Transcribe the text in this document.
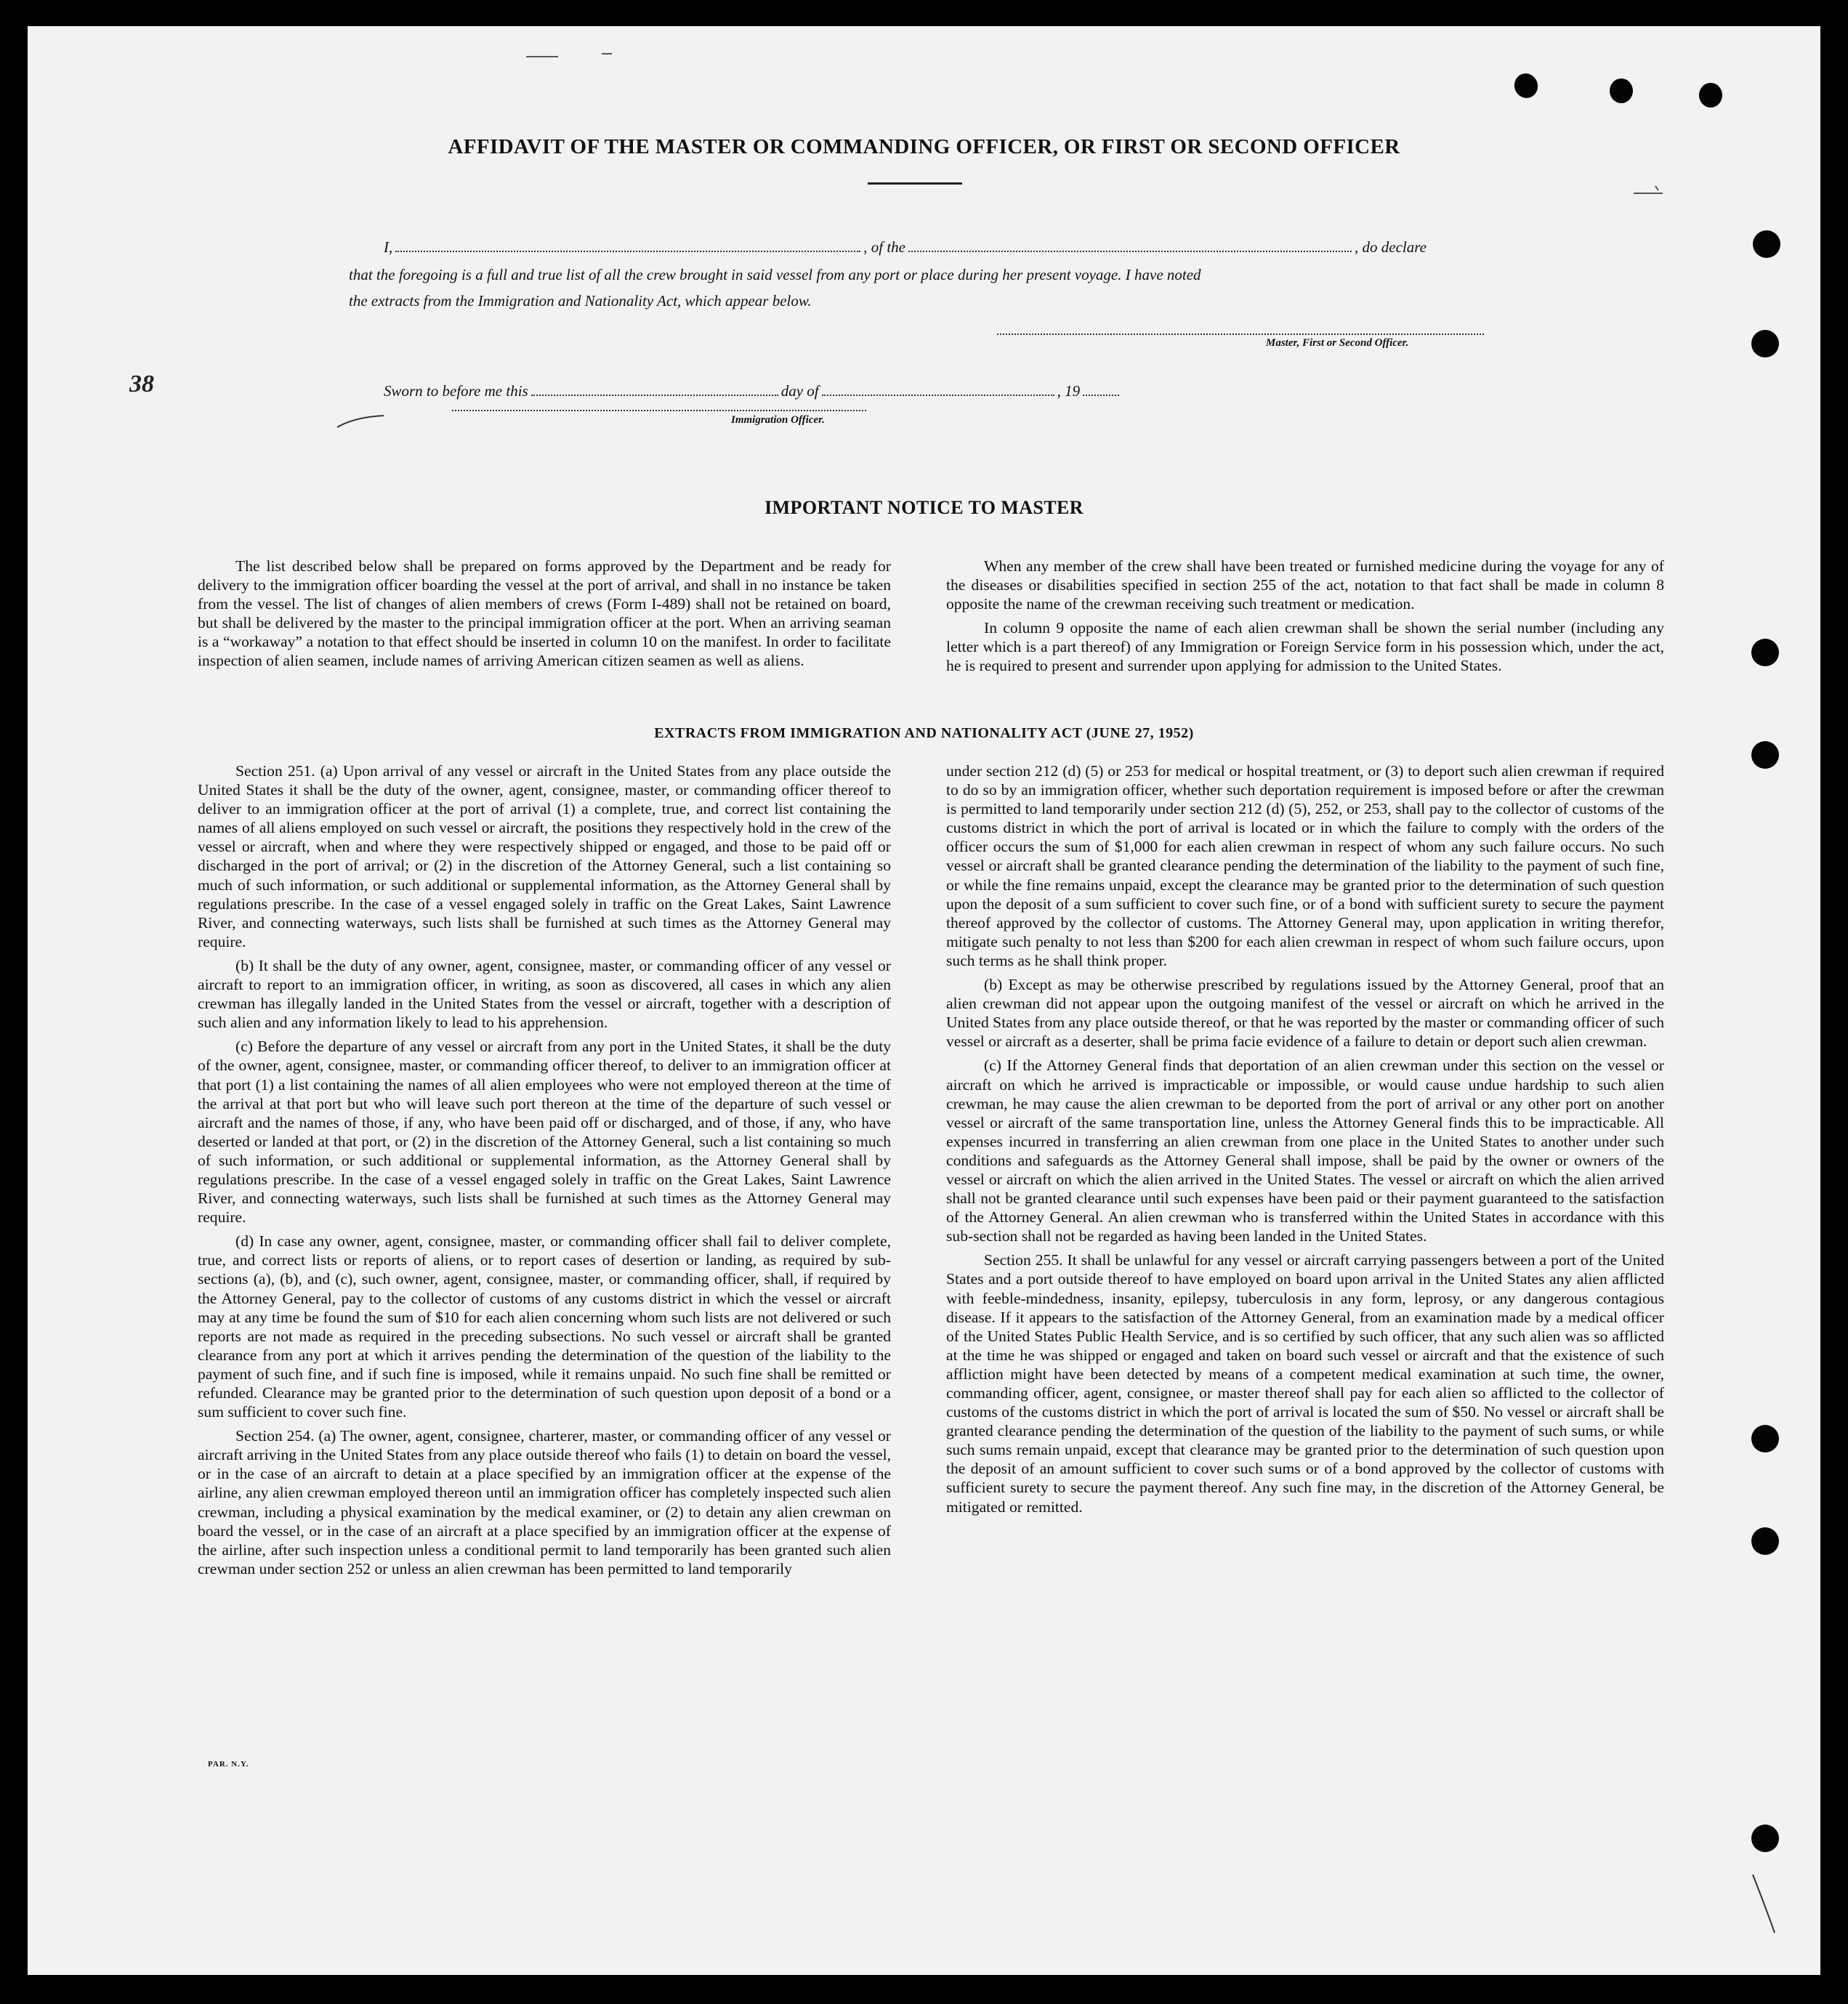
38
AFFIDAVIT OF THE MASTER OR COMMANDING OFFICER, OR FIRST OR SECOND OFFICER
I,	, of the	, do declare
that the foregoing is a full and true list of all the crew brought in said vessel from any port or place during her present voyage. I have noted
the extracts from the Immigration and Nationality Act, which appear below.
Master, First or Second Officer.
Sworn to before me this	day of	, 19
Immigration Officer.
IMPORTANT NOTICE TO MASTER

The list described below shall be prepared on forms approved by the Department and be ready for delivery to the immigration officer boarding the vessel at the port of arrival, and shall in no instance be taken from the vessel. The list of changes of alien members of crews (Form I-489) shall not be retained on board, but shall be delivered by the master to the principal immigration officer at the port. When an arriving seaman is a “workaway” a notation to that effect should be inserted in column 10 on the manifest. In order to facilitate inspection of alien seamen, include names of arriving American citizen seamen as well as aliens.

When any member of the crew shall have been treated or furnished medicine during the voyage for any of the diseases or disabilities specified in section 255 of the act, notation to that fact shall be made in column 8 opposite the name of the crewman receiving such treatment or medication.

In column 9 opposite the name of each alien crewman shall be shown the serial number (including any letter which is a part thereof) of any Immigration or Foreign Service form in his possession which, under the act, he is required to present and surrender upon applying for admission to the United States.

EXTRACTS FROM IMMIGRATION AND NATIONALITY ACT (JUNE 27, 1952)

Section 251. (a) Upon arrival of any vessel or aircraft in the United States from any place outside the United States it shall be the duty of the owner, agent, consignee, master, or commanding officer thereof to deliver to an immigration officer at the port of arrival (1) a complete, true, and correct list containing the names of all aliens employed on such vessel or aircraft, the positions they respectively hold in the crew of the vessel or aircraft, when and where they were respectively shipped or engaged, and those to be paid off or discharged in the port of arrival; or (2) in the discretion of the Attorney General, such a list containing so much of such information, or such additional or supplemental information, as the Attorney General shall by regulations prescribe. In the case of a vessel engaged solely in traffic on the Great Lakes, Saint Lawrence River, and connecting waterways, such lists shall be furnished at such times as the Attorney General may require.

(b) It shall be the duty of any owner, agent, consignee, master, or commanding officer of any vessel or aircraft to report to an immigration officer, in writing, as soon as discovered, all cases in which any alien crewman has illegally landed in the United States from the vessel or aircraft, together with a description of such alien and any information likely to lead to his apprehension.

(c) Before the departure of any vessel or aircraft from any port in the United States, it shall be the duty of the owner, agent, consignee, master, or commanding officer thereof, to deliver to an immigration officer at that port (1) a list containing the names of all alien employees who were not employed thereon at the time of the arrival at that port but who will leave such port thereon at the time of the departure of such vessel or aircraft and the names of those, if any, who have been paid off or discharged, and of those, if any, who have deserted or landed at that port, or (2) in the discretion of the Attorney General, such a list containing so much of such information, or such additional or supplemental information, as the Attorney General shall by regulations prescribe. In the case of a vessel engaged solely in traffic on the Great Lakes, Saint Lawrence River, and connecting waterways, such lists shall be furnished at such times as the Attorney General may require.

(d) In case any owner, agent, consignee, master, or commanding officer shall fail to deliver complete, true, and correct lists or reports of aliens, or to report cases of desertion or landing, as required by sub-sections (a), (b), and (c), such owner, agent, consignee, master, or commanding officer, shall, if required by the Attorney General, pay to the collector of customs of any customs district in which the vessel or aircraft may at any time be found the sum of $10 for each alien concerning whom such lists are not delivered or such reports are not made as required in the preceding subsections. No such vessel or aircraft shall be granted clearance from any port at which it arrives pending the determination of the question of the liability to the payment of such fine, and if such fine is imposed, while it remains unpaid. No such fine shall be remitted or refunded. Clearance may be granted prior to the determination of such question upon deposit of a bond or a sum sufficient to cover such fine.

Section 254. (a) The owner, agent, consignee, charterer, master, or commanding officer of any vessel or aircraft arriving in the United States from any place outside thereof who fails (1) to detain on board the vessel, or in the case of an aircraft to detain at a place specified by an immigration officer at the expense of the airline, any alien crewman employed thereon until an immigration officer has completely inspected such alien crewman, including a physical examination by the medical examiner, or (2) to detain any alien crewman on board the vessel, or in the case of an aircraft at a place specified by an immigration officer at the expense of the airline, after such inspection unless a conditional permit to land temporarily has been granted such alien crewman under section 252 or unless an alien crewman has been permitted to land temporarily

under section 212 (d) (5) or 253 for medical or hospital treatment, or (3) to deport such alien crewman if required to do so by an immigration officer, whether such deportation requirement is imposed before or after the crewman is permitted to land temporarily under section 212 (d) (5), 252, or 253, shall pay to the collector of customs of the customs district in which the port of arrival is located or in which the failure to comply with the orders of the officer occurs the sum of $1,000 for each alien crewman in respect of whom any such failure occurs. No such vessel or aircraft shall be granted clearance pending the determination of the liability to the payment of such fine, or while the fine remains unpaid, except the clearance may be granted prior to the determination of such question upon the deposit of a sum sufficient to cover such fine, or of a bond with sufficient surety to secure the payment thereof approved by the collector of customs. The Attorney General may, upon application in writing therefor, mitigate such penalty to not less than $200 for each alien crewman in respect of whom such failure occurs, upon such terms as he shall think proper.

(b) Except as may be otherwise prescribed by regulations issued by the Attorney General, proof that an alien crewman did not appear upon the outgoing manifest of the vessel or aircraft on which he arrived in the United States from any place outside thereof, or that he was reported by the master or commanding officer of such vessel or aircraft as a deserter, shall be prima facie evidence of a failure to detain or deport such alien crewman.

(c) If the Attorney General finds that deportation of an alien crewman under this section on the vessel or aircraft on which he arrived is impracticable or impossible, or would cause undue hardship to such alien crewman, he may cause the alien crewman to be deported from the port of arrival or any other port on another vessel or aircraft of the same transportation line, unless the Attorney General finds this to be impracticable. All expenses incurred in transferring an alien crewman from one place in the United States to another under such conditions and safeguards as the Attorney General shall impose, shall be paid by the owner or owners of the vessel or aircraft on which the alien arrived in the United States. The vessel or aircraft on which the alien arrived shall not be granted clearance until such expenses have been paid or their payment guaranteed to the satisfaction of the Attorney General. An alien crewman who is transferred within the United States in accordance with this sub-section shall not be regarded as having been landed in the United States.

Section 255. It shall be unlawful for any vessel or aircraft carrying passengers between a port of the United States and a port outside thereof to have employed on board upon arrival in the United States any alien afflicted with feeble-mindedness, insanity, epilepsy, tuberculosis in any form, leprosy, or any dangerous contagious disease. If it appears to the satisfaction of the Attorney General, from an examination made by a medical officer of the United States Public Health Service, and is so certified by such officer, that any such alien was so afflicted at the time he was shipped or engaged and taken on board such vessel or aircraft and that the existence of such affliction might have been detected by means of a competent medical examination at such time, the owner, commanding officer, agent, consignee, or master thereof shall pay for each alien so afflicted to the collector of customs of the customs district in which the port of arrival is located the sum of $50. No vessel or aircraft shall be granted clearance pending the determination of the question of the liability to the payment of such sums, or while such sums remain unpaid, except that clearance may be granted prior to the determination of such question upon the deposit of an amount sufficient to cover such sums or of a bond approved by the collector of customs with sufficient surety to secure the payment thereof. Any such fine may, in the discretion of the Attorney General, be mitigated or remitted.

PAR. N.Y.
